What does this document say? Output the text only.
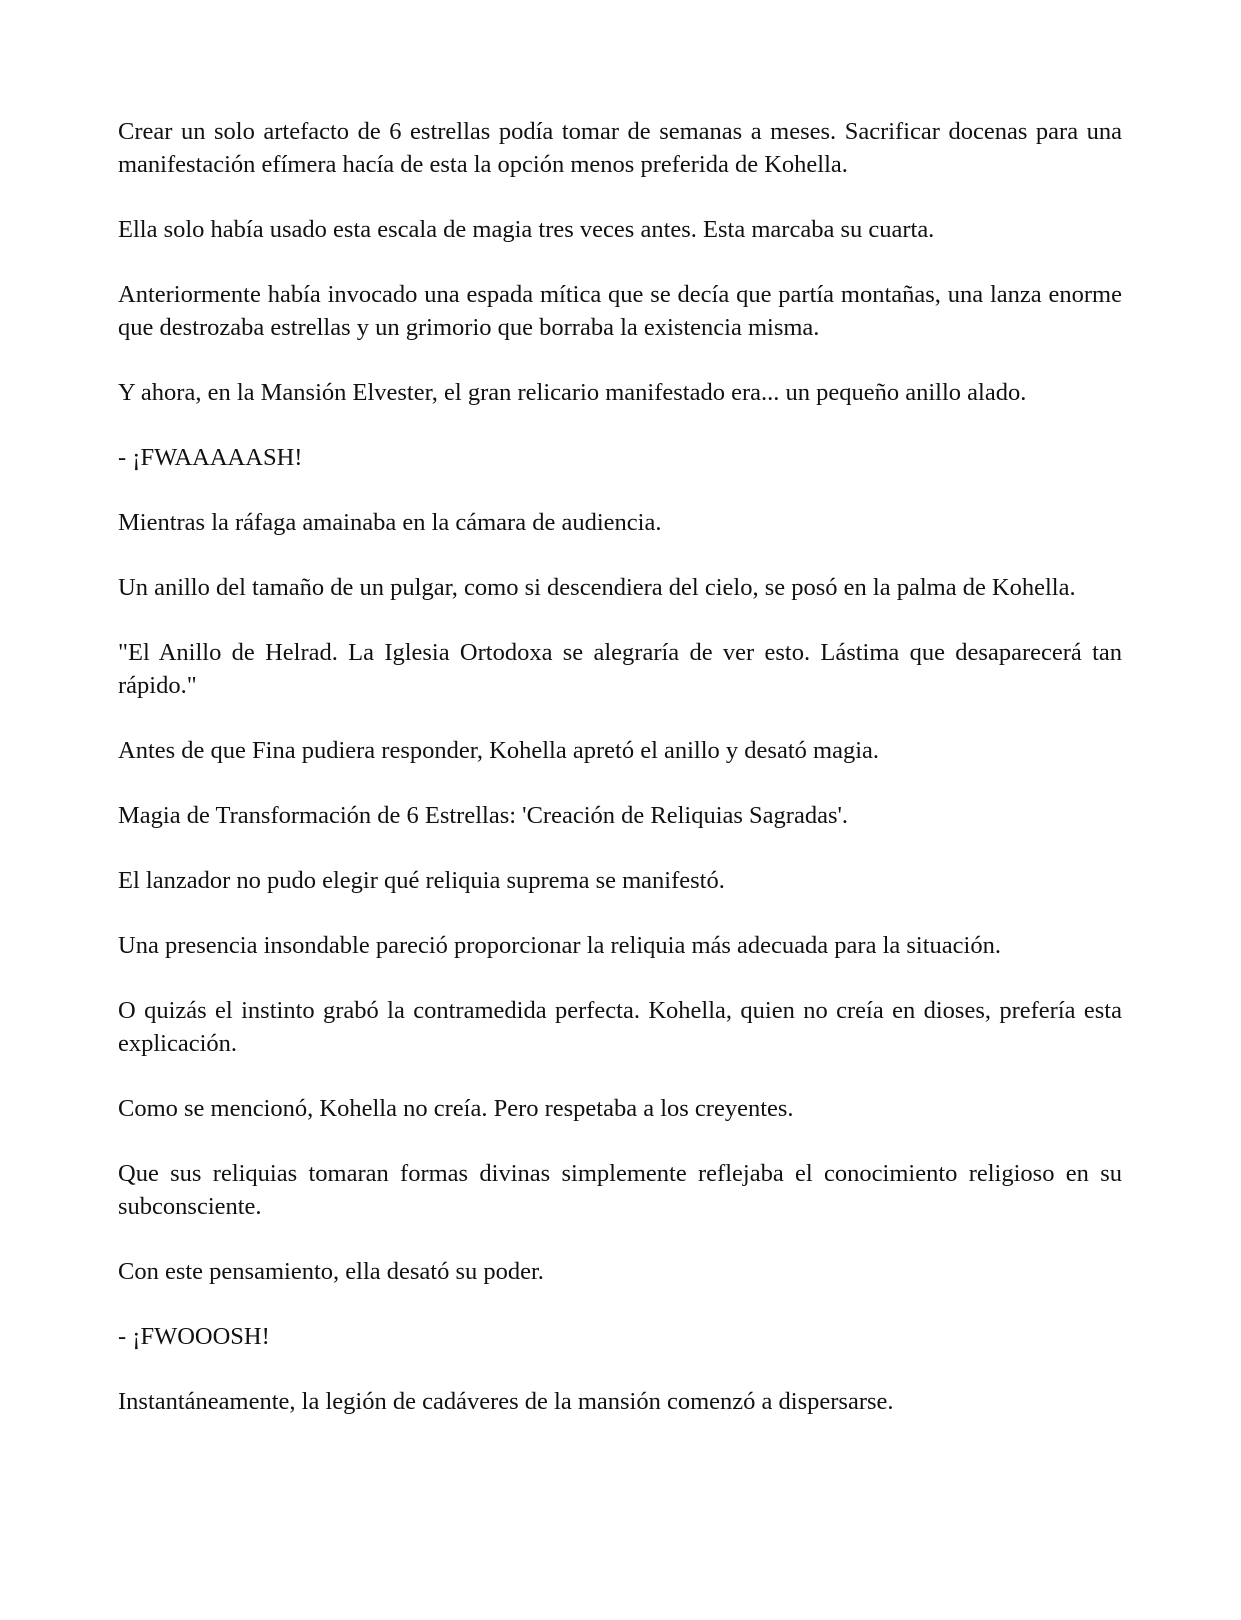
Crear un solo artefacto de 6 estrellas podía tomar de semanas a meses. Sacrificar docenas para una manifestación efímera hacía de esta la opción menos preferida de Kohella.

Ella solo había usado esta escala de magia tres veces antes. Esta marcaba su cuarta.

Anteriormente había invocado una espada mítica que se decía que partía montañas, una lanza enorme que destrozaba estrellas y un grimorio que borraba la existencia misma.

Y ahora, en la Mansión Elvester, el gran relicario manifestado era... un pequeño anillo alado.

- ¡FWAAAAASH!

Mientras la ráfaga amainaba en la cámara de audiencia.

Un anillo del tamaño de un pulgar, como si descendiera del cielo, se posó en la palma de Kohella.

"El Anillo de Helrad. La Iglesia Ortodoxa se alegraría de ver esto. Lástima que desaparecerá tan rápido."

Antes de que Fina pudiera responder, Kohella apretó el anillo y desató magia.

Magia de Transformación de 6 Estrellas: 'Creación de Reliquias Sagradas'.

El lanzador no pudo elegir qué reliquia suprema se manifestó.

Una presencia insondable pareció proporcionar la reliquia más adecuada para la situación.

O quizás el instinto grabó la contramedida perfecta. Kohella, quien no creía en dioses, prefería esta explicación.

Como se mencionó, Kohella no creía. Pero respetaba a los creyentes.

Que sus reliquias tomaran formas divinas simplemente reflejaba el conocimiento religioso en su subconsciente.

Con este pensamiento, ella desató su poder.

- ¡FWOOOSH!

Instantáneamente, la legión de cadáveres de la mansión comenzó a dispersarse.
